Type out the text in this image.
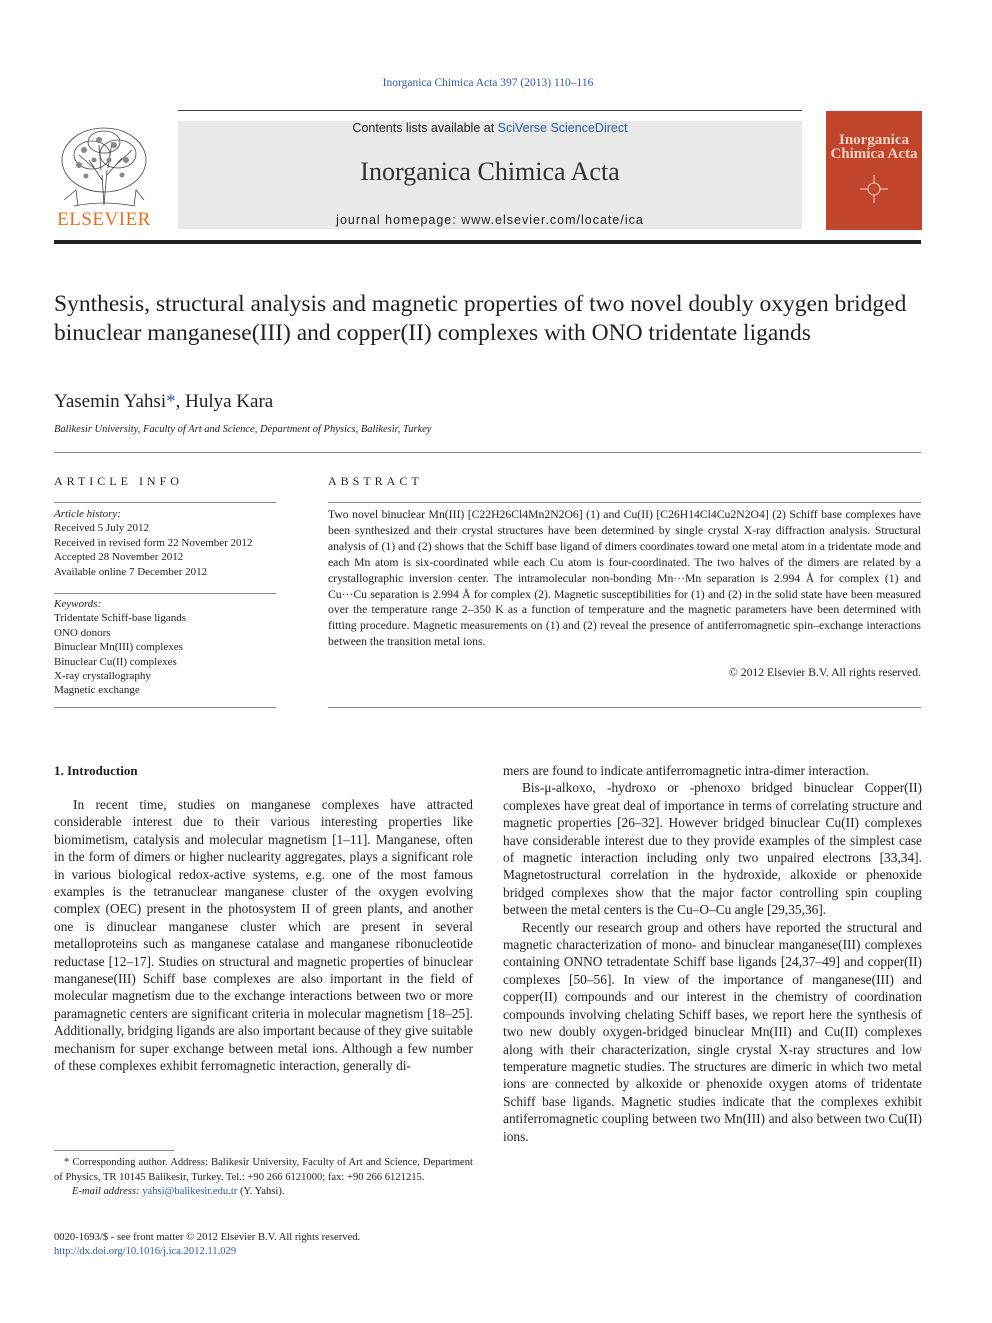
Inorganica Chimica Acta 397 (2013) 110–116
ELSEVIER
Contents lists available at SciVerse ScienceDirect
Inorganica Chimica Acta
journal homepage: www.elsevier.com/locate/ica
Inorganica Chimica Acta
Synthesis, structural analysis and magnetic properties of two novel doubly oxygen bridged binuclear manganese(III) and copper(II) complexes with ONO tridentate ligands
Yasemin Yahsi*, Hulya Kara
Balikesir University, Faculty of Art and Science, Department of Physics, Balikesir, Turkey
ARTICLE INFO
Article history:
Received 5 July 2012
Received in revised form 22 November 2012
Accepted 28 November 2012
Available online 7 December 2012
Keywords:
Tridentate Schiff-base ligands
ONO donors
Binuclear Mn(III) complexes
Binuclear Cu(II) complexes
X-ray crystallography
Magnetic exchange
ABSTRACT
Two novel binuclear Mn(III) [C22H26Cl4Mn2N2O6] (1) and Cu(II) [C26H14Cl4Cu2N2O4] (2) Schiff base complexes have been synthesized and their crystal structures have been determined by single crystal X-ray diffraction analysis. Structural analysis of (1) and (2) shows that the Schiff base ligand of dimers coordinates toward one metal atom in a tridentate mode and each Mn atom is six-coordinated while each Cu atom is four-coordinated. The two halves of the dimers are related by a crystallographic inversion center. The intramolecular non-bonding Mn···Mn separation is 2.994 Å for complex (1) and Cu···Cu separation is 2.994 Å for complex (2). Magnetic susceptibilities for (1) and (2) in the solid state have been measured over the temperature range 2–350 K as a function of temperature and the magnetic parameters have been determined with fitting procedure. Magnetic measurements on (1) and (2) reveal the presence of antiferromagnetic spin–exchange interactions between the transition metal ions.
© 2012 Elsevier B.V. All rights reserved.
1. Introduction

In recent time, studies on manganese complexes have attracted considerable interest due to their various interesting properties like biomimetism, catalysis and molecular magnetism [1–11]. Manganese, often in the form of dimers or higher nuclearity aggregates, plays a significant role in various biological redox-active systems, e.g. one of the most famous examples is the tetranuclear manganese cluster of the oxygen evolving complex (OEC) present in the photosystem II of green plants, and another one is dinuclear manganese cluster which are present in several metalloproteins such as manganese catalase and manganese ribonucleotide reductase [12–17]. Studies on structural and magnetic properties of binuclear manganese(III) Schiff base complexes are also important in the field of molecular magnetism due to the exchange interactions between two or more paramagnetic centers are significant criteria in molecular magnetism [18–25]. Additionally, bridging ligands are also important because of they give suitable mechanism for super exchange between metal ions. Although a few number of these complexes exhibit ferromagnetic interaction, generally di-

mers are found to indicate antiferromagnetic intra-dimer interaction.

Bis-μ-alkoxo, -hydroxo or -phenoxo bridged binuclear Copper(II) complexes have great deal of importance in terms of correlating structure and magnetic properties [26–32]. However bridged binuclear Cu(II) complexes have considerable interest due to they provide examples of the simplest case of magnetic interaction including only two unpaired electrons [33,34]. Magnetostructural correlation in the hydroxide, alkoxide or phenoxide bridged complexes show that the major factor controlling spin coupling between the metal centers is the Cu–O–Cu angle [29,35,36].

Recently our research group and others have reported the structural and magnetic characterization of mono- and binuclear manganese(III) complexes containing ONNO tetradentate Schiff base ligands [24,37–49] and copper(II) complexes [50–56]. In view of the importance of manganese(III) and copper(II) compounds and our interest in the chemistry of coordination compounds involving chelating Schiff bases, we report here the synthesis of two new doubly oxygen-bridged binuclear Mn(III) and Cu(II) complexes along with their characterization, single crystal X-ray structures and low temperature magnetic studies. The structures are dimeric in which two metal ions are connected by alkoxide or phenoxide oxygen atoms of tridentate Schiff base ligands. Magnetic studies indicate that the complexes exhibit antiferromagnetic coupling between two Mn(III) and also between two Cu(II) ions.

* Corresponding author. Address: Balikesir University, Faculty of Art and Science, Department of Physics, TR 10145 Balikesir, Turkey. Tel.: +90 266 6121000; fax: +90 266 6121215.
E-mail address: yahsi@balikesir.edu.tr (Y. Yahsi).
0020-1693/$ - see front matter © 2012 Elsevier B.V. All rights reserved.
http://dx.doi.org/10.1016/j.ica.2012.11.029
